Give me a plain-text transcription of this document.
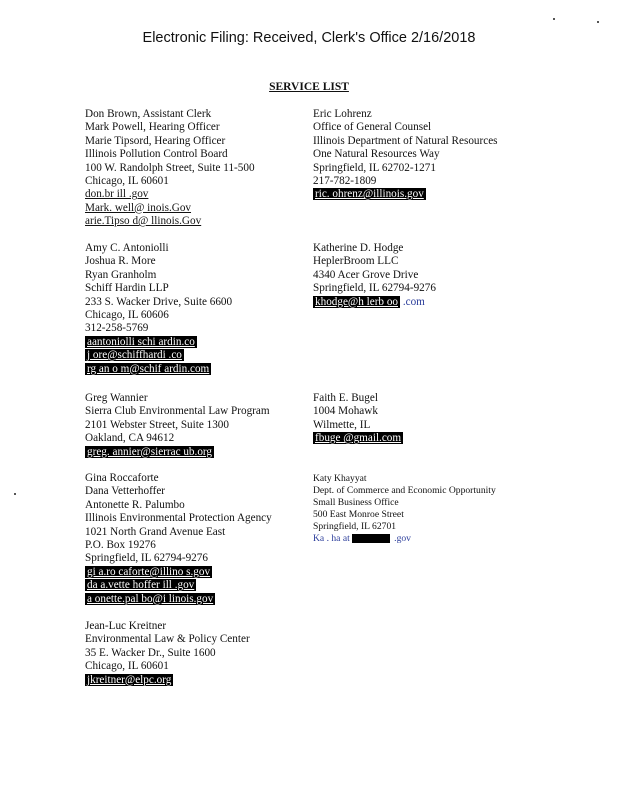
Electronic Filing: Received, Clerk's Office 2/16/2018
SERVICE LIST
Don Brown, Assistant Clerk
Mark Powell, Hearing Officer
Marie Tipsord, Hearing Officer
Illinois Pollution Control Board
100 W. Randolph Street, Suite 11-500
Chicago, IL 60601
don.br ill .gov
Mark. well@ inois.Gov
arie.Tipso d@ llinois.Gov
Eric Lohrenz
Office of General Counsel
Illinois Department of Natural Resources
One Natural Resources Way
Springfield, IL 62702-1271
217-782-1809
ric. ohrenz@illinois.gov
Amy C. Antoniolli
Joshua R. More
Ryan Granholm
Schiff Hardin LLP
233 S. Wacker Drive, Suite 6600
Chicago, IL 60606
312-258-5769
aantoniolli schi ardin.co
j ore@schiffhardi .co
rg an o m@schif ardin.com
Katherine D. Hodge
HeplerBroom LLC
4340 Acer Grove Drive
Springfield, IL 62794-9276
khodge@h lerb oo .com
Greg Wannier
Sierra Club Environmental Law Program
2101 Webster Street, Suite 1300
Oakland, CA 94612
greg. annier@sierrac ub.org
Faith E. Bugel
1004 Mohawk
Wilmette, IL
fbuge @gmail.com
Gina Roccaforte
Dana Vetterhoffer
Antonette R. Palumbo
Illinois Environmental Protection Agency
1021 North Grand Avenue East
P.O. Box 19276
Springfield, IL 62794-9276
gi a.ro caforte@illino s.gov
da a.vette hoffer ill .gov
a onette.pal bo@i linois.gov
Katy Khayyat
Dept. of Commerce and Economic Opportunity
Small Business Office
500 East Monroe Street
Springfield, IL 62701
Ka . ha at	.gov
Jean-Luc Kreitner
Environmental Law & Policy Center
35 E. Wacker Dr., Suite 1600
Chicago, IL 60601
jkreitner@elpc.org
